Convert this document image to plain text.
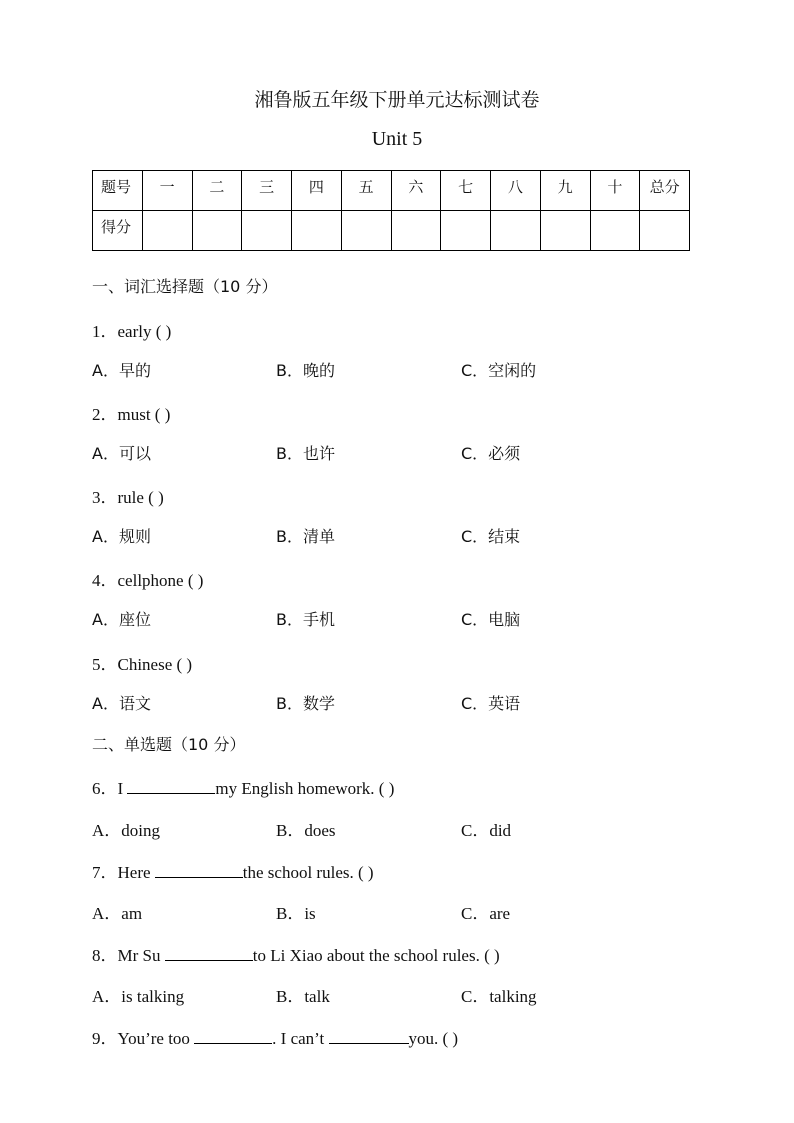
湘鲁版五年级下册单元达标测试卷
Unit 5
题号	一	二	三	四	五	六	七	八	九	十	总分
得分											
一、词汇选择题（10 分）
1．early ( )
A．早的	B．晚的	C．空闲的
2．must ( )
A．可以	B．也许	C．必须
3．rule ( )
A．规则	B．清单	C．结束
4．cellphone ( )
A．座位	B．手机	C．电脑
5．Chinese ( )
A．语文	B．数学	C．英语
二、单选题（10 分）
6．I	my English homework. ( )
A．doing	B．does	C．did
7．Here	the school rules. ( )
A．am	B．is	C．are
8．Mr Su	to Li Xiao about the school rules. ( )
A．is talking	B．talk	C．talking
9．You’re too	. I can’t	you. ( )
